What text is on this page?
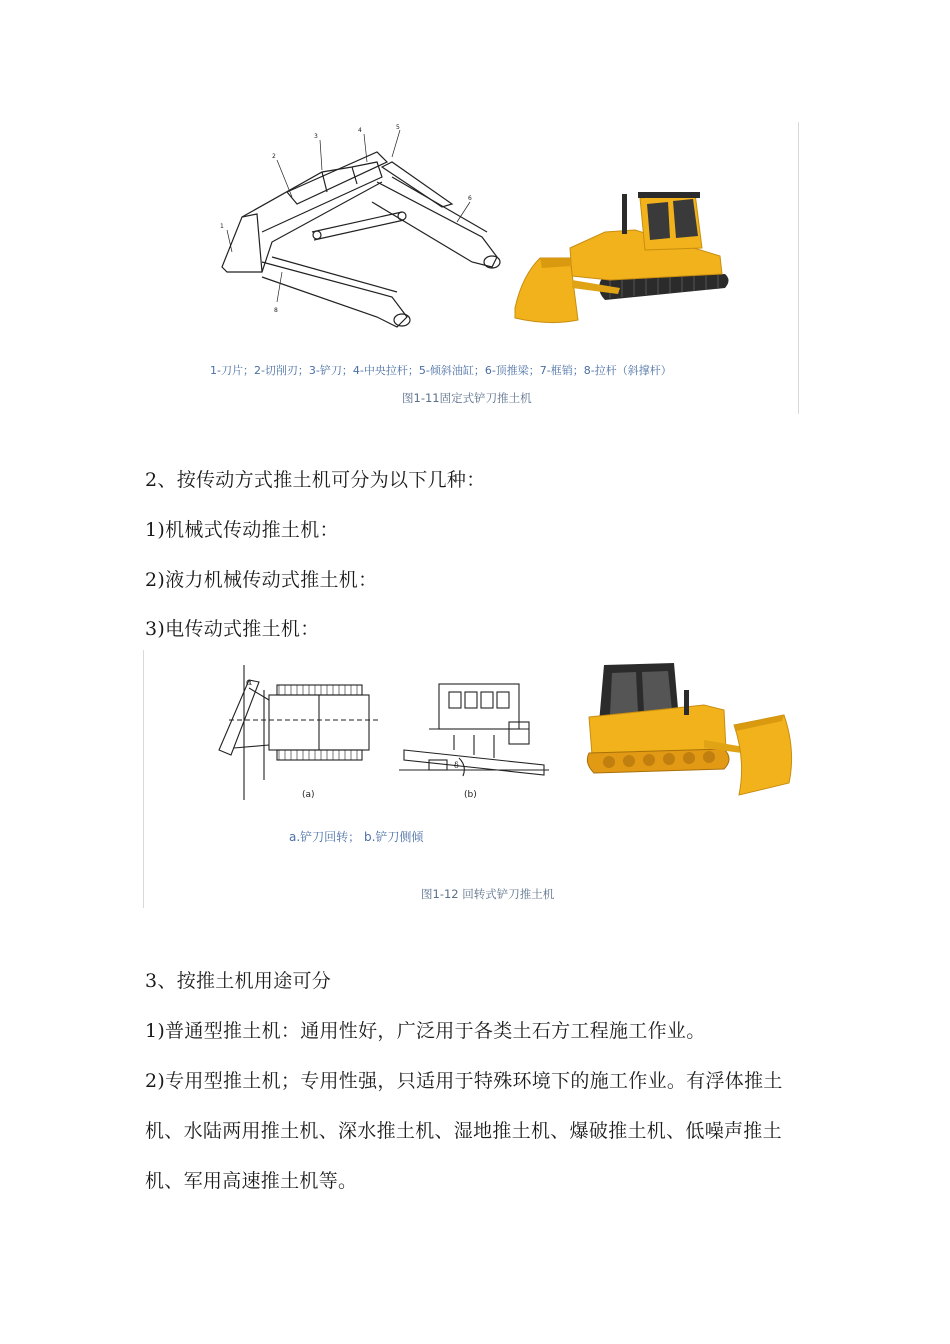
1
2
3
4	5
6
8
1-刀片；2-切削刃；3-铲刀；4-中央拉杆；5-倾斜油缸；6-顶推梁；7-框销；8-拉杆（斜撑杆）
图1-11固定式铲刀推土机
2、按传动方式推土机可分为以下几种：
1)机械式传动推土机：
2)液力机械传动式推土机：
3)电传动式推土机：
α
(a)
δ
(b)
a.铲刀回转； b.铲刀侧倾
图1-12 回转式铲刀推土机
3、按推土机用途可分
1)普通型推土机：通用性好，广泛用于各类土石方工程施工作业。
2)专用型推土机；专用性强，只适用于特殊环境下的施工作业。有浮体推土机、水陆两用推土机、深水推土机、湿地推土机、爆破推土机、低噪声推土机、军用高速推土机等。
